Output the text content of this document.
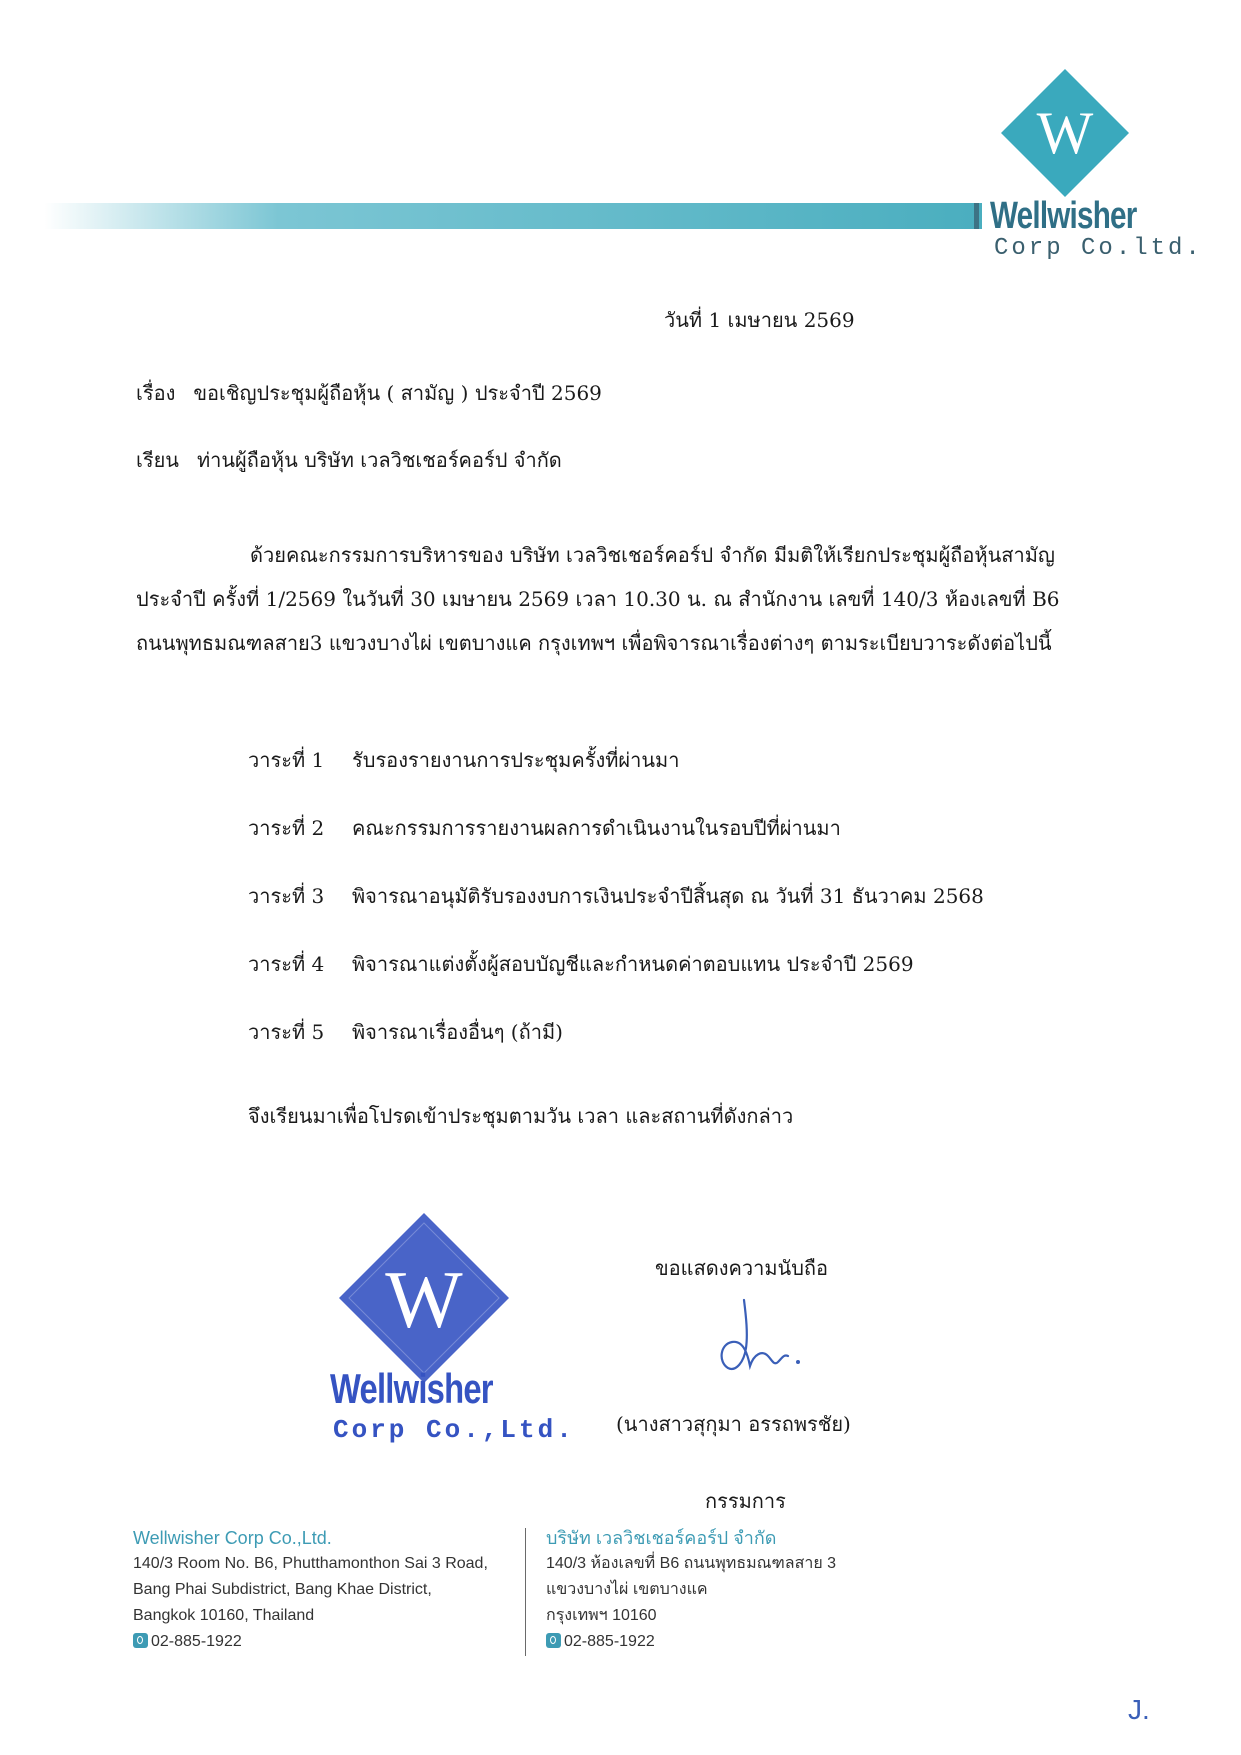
W
Wellwisher
Corp Co.ltd.
วันที่ 1 เมษายน 2569
เรื่อง ขอเชิญประชุมผู้ถือหุ้น ( สามัญ ) ประจำปี 2569
เรียน ท่านผู้ถือหุ้น บริษัท เวลวิชเชอร์คอร์ป จำกัด
ด้วยคณะกรรมการบริหารของ บริษัท เวลวิชเชอร์คอร์ป จำกัด มีมติให้เรียกประชุมผู้ถือหุ้นสามัญประจำปี ครั้งที่ 1/2569 ในวันที่ 30 เมษายน 2569 เวลา 10.30 น. ณ สำนักงาน เลขที่ 140/3 ห้องเลขที่ B6 ถนนพุทธมณฑลสาย3 แขวงบางไผ่ เขตบางแค กรุงเทพฯ เพื่อพิจารณาเรื่องต่างๆ ตามระเบียบวาระดังต่อไปนี้
วาระที่ 1 รับรองรายงานการประชุมครั้งที่ผ่านมา
วาระที่ 2 คณะกรรมการรายงานผลการดำเนินงานในรอบปีที่ผ่านมา
วาระที่ 3 พิจารณาอนุมัติรับรองงบการเงินประจำปีสิ้นสุด ณ วันที่ 31 ธันวาคม 2568
วาระที่ 4 พิจารณาแต่งตั้งผู้สอบบัญชีและกำหนดค่าตอบแทน ประจำปี 2569
วาระที่ 5 พิจารณาเรื่องอื่นๆ (ถ้ามี)
จึงเรียนมาเพื่อโปรดเข้าประชุมตามวัน เวลา และสถานที่ดังกล่าว
W
Wellwisher
Corp Co.,Ltd.
ขอแสดงความนับถือ
(นางสาวสุกุมา อรรถพรชัย)
กรรมการ
Wellwisher Corp Co.,Ltd.
140/3 Room No. B6, Phutthamonthon Sai 3 Road,
Bang Phai Subdistrict, Bang Khae District,
Bangkok 10160, Thailand
02-885-1922
บริษัท เวลวิชเชอร์คอร์ป จำกัด
140/3 ห้องเลขที่ B6 ถนนพุทธมณฑลสาย 3
แขวงบางไผ่ เขตบางแค
กรุงเทพฯ 10160
02-885-1922
J.
